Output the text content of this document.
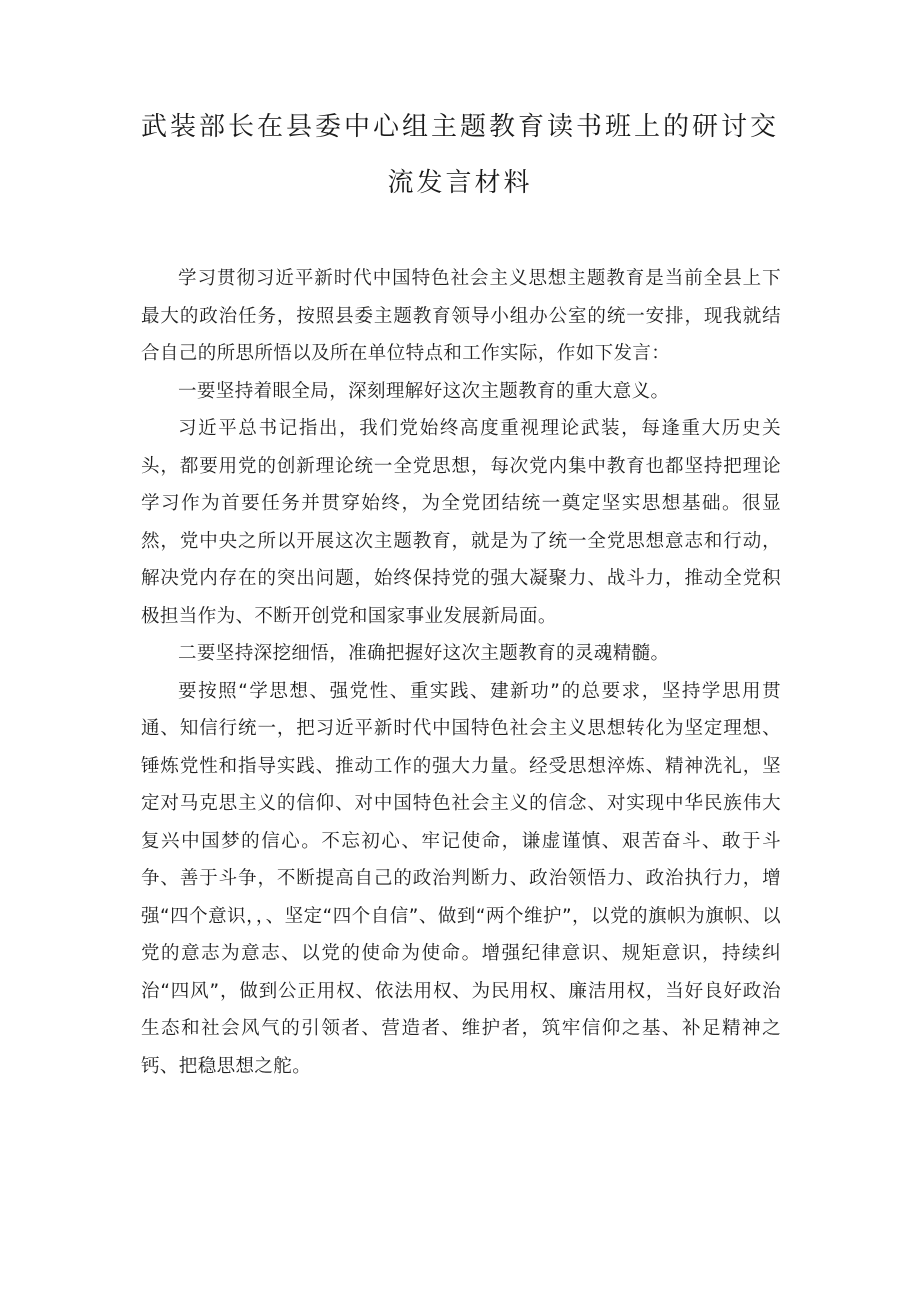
武装部长在县委中心组主题教育读书班上的研讨交
流发言材料

学习贯彻习近平新时代中国特色社会主义思想主题教育是当前全县上下最大的政治任务，按照县委主题教育领导小组办公室的统一安排，现我就结合自己的所思所悟以及所在单位特点和工作实际，作如下发言：

一要坚持着眼全局，深刻理解好这次主题教育的重大意义。

习近平总书记指出，我们党始终高度重视理论武装，每逢重大历史关头，都要用党的创新理论统一全党思想，每次党内集中教育也都坚持把理论学习作为首要任务并贯穿始终，为全党团结统一奠定坚实思想基础。很显然，党中央之所以开展这次主题教育，就是为了统一全党思想意志和行动，解决党内存在的突出问题，始终保持党的强大凝聚力、战斗力，推动全党积极担当作为、不断开创党和国家事业发展新局面。

二要坚持深挖细悟，准确把握好这次主题教育的灵魂精髓。

要按照“学思想、强党性、重实践、建新功”的总要求，坚持学思用贯通、知信行统一，把习近平新时代中国特色社会主义思想转化为坚定理想、锤炼党性和指导实践、推动工作的强大力量。经受思想淬炼、精神洗礼，坚定对马克思主义的信仰、对中国特色社会主义的信念、对实现中华民族伟大复兴中国梦的信心。不忘初心、牢记使命，谦虚谨慎、艰苦奋斗、敢于斗争、善于斗争，不断提高自己的政治判断力、政治领悟力、政治执行力，增强“四个意识，，、坚定“四个自信”、做到“两个维护”，以党的旗帜为旗帜、以党的意志为意志、以党的使命为使命。增强纪律意识、规矩意识，持续纠治“四风”，做到公正用权、依法用权、为民用权、廉洁用权，当好良好政治生态和社会风气的引领者、营造者、维护者，筑牢信仰之基、补足精神之钙、把稳思想之舵。
